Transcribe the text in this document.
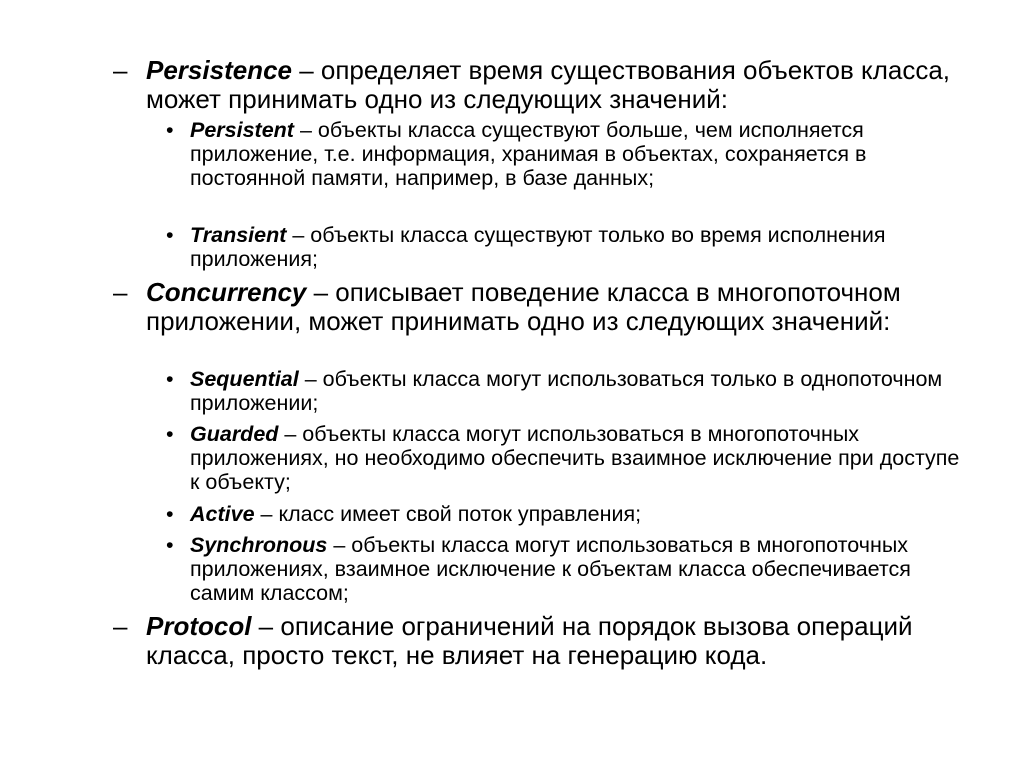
– Persistence – определяет время существования объектов класса, может принимать одно из следующих значений:
• Persistent – объекты класса существуют больше, чем исполняется приложение, т.е. информация, хранимая в объектах, сохраняется в постоянной памяти, например, в базе данных;
• Transient – объекты класса существуют только во время исполнения приложения;
– Concurrency – описывает поведение класса в многопоточном приложении, может принимать одно из следующих значений:
• Sequential – объекты класса могут использоваться только в однопоточном приложении;
• Guarded – объекты класса могут использоваться в многопоточных приложениях, но необходимо обеспечить взаимное исключение при доступе к объекту;
• Active – класс имеет свой поток управления;
• Synchronous – объекты класса могут использоваться в многопоточных приложениях, взаимное исключение к объектам класса обеспечивается самим классом;
– Protocol – описание ограничений на порядок вызова операций класса, просто текст, не влияет на генерацию кода.
